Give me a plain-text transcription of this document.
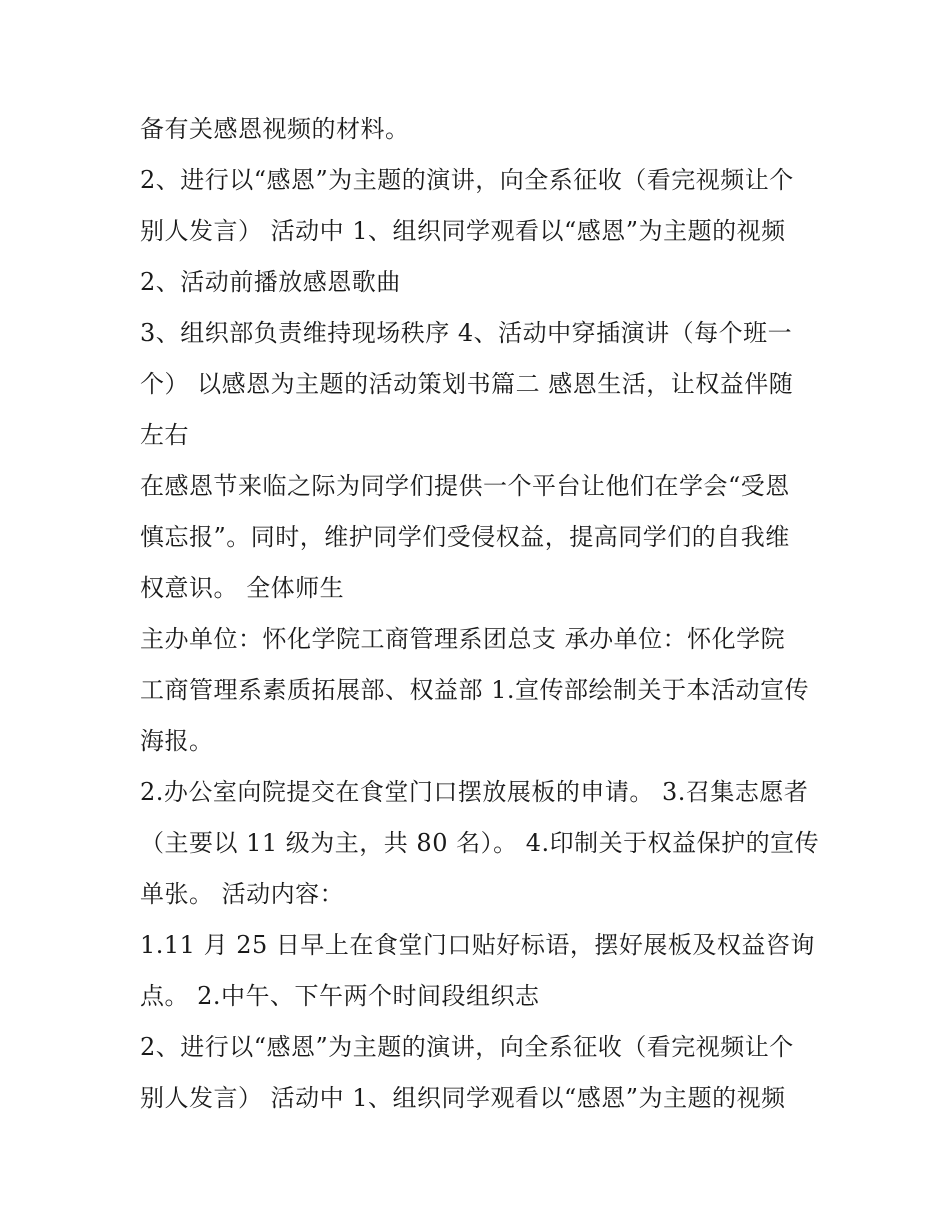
备有关感恩视频的材料。
2、进行以“感恩”为主题的演讲，向全系征收（看完视频让个
别人发言） 活动中 1、组织同学观看以“感恩”为主题的视频
2、活动前播放感恩歌曲
3、组织部负责维持现场秩序 4、活动中穿插演讲（每个班一
个） 以感恩为主题的活动策划书篇二 感恩生活，让权益伴随
左右
在感恩节来临之际为同学们提供一个平台让他们在学会“受恩
慎忘报”。同时，维护同学们受侵权益，提高同学们的自我维
权意识。 全体师生
主办单位：怀化学院工商管理系团总支 承办单位：怀化学院
工商管理系素质拓展部、权益部 1.宣传部绘制关于本活动宣传
海报。
2.办公室向院提交在食堂门口摆放展板的申请。 3.召集志愿者
（主要以 11 级为主，共 80 名）。 4.印制关于权益保护的宣传
单张。 活动内容：
1.11 月 25 日早上在食堂门口贴好标语，摆好展板及权益咨询
点。 2.中午、下午两个时间段组织志
2、进行以“感恩”为主题的演讲，向全系征收（看完视频让个
别人发言） 活动中 1、组织同学观看以“感恩”为主题的视频
